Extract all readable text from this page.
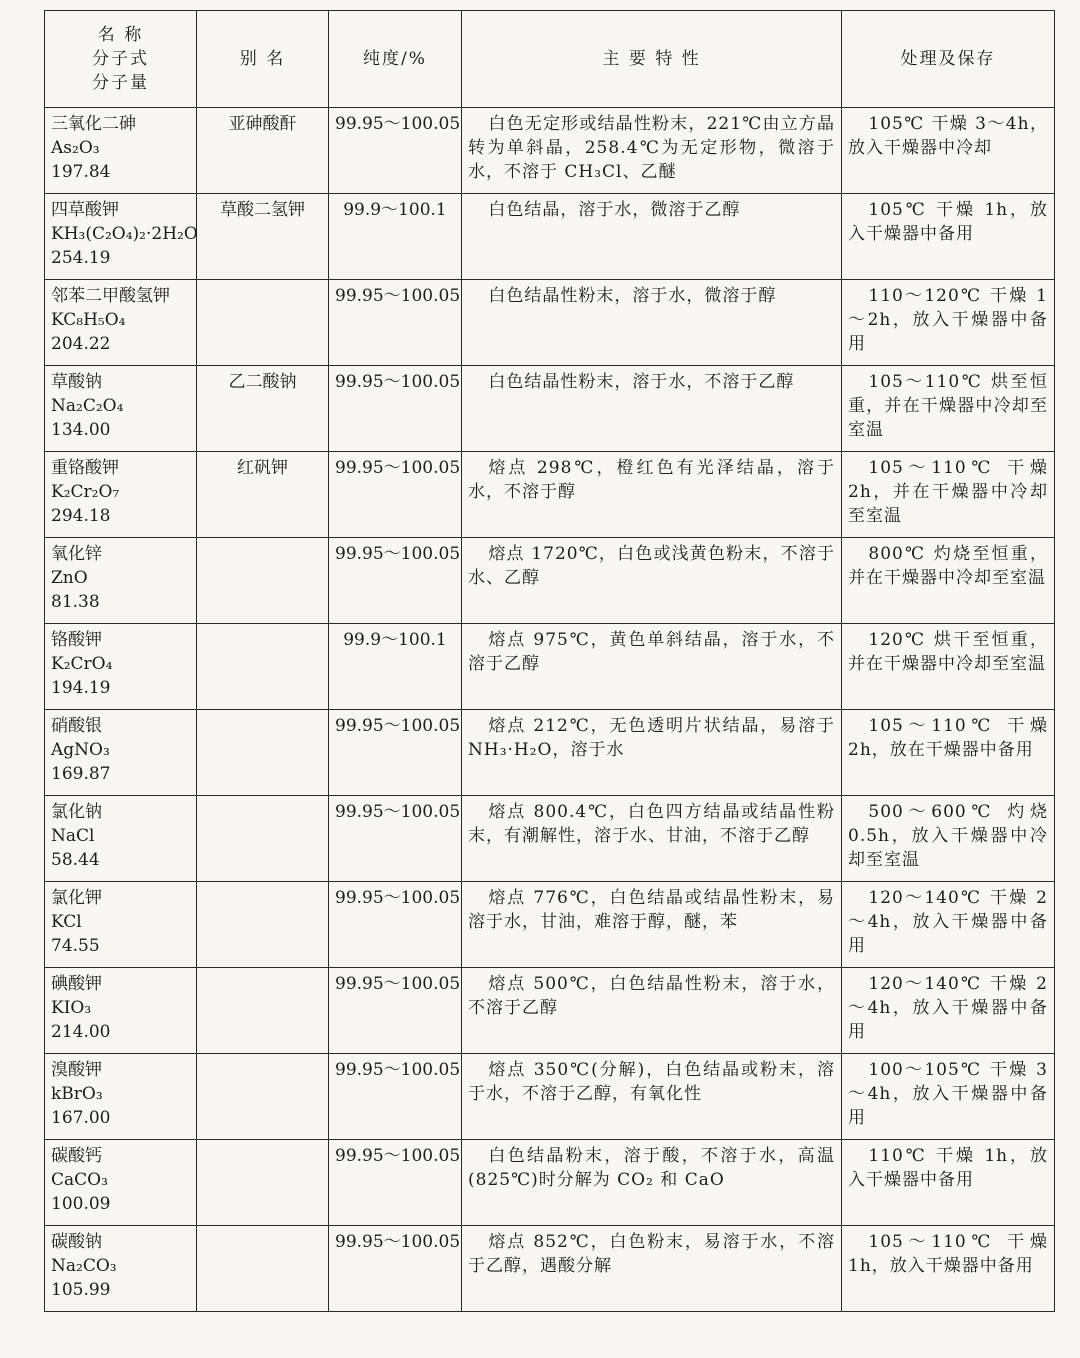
名 称
分子式
分子量	别 名	纯度/%	主 要 特 性	处理及保存

三氧化二砷
As₂O₃
197.84	亚砷酸酐	99.95～100.05	白色无定形或结晶性粉末，221℃由立方晶转为单斜晶，258.4℃为无定形物，微溶于水，不溶于 CH₃Cl、乙醚	105℃ 干燥 3～4h，放入干燥器中冷却

四草酸钾
KH₃(C₂O₄)₂·2H₂O
254.19	草酸二氢钾	99.9～100.1	白色结晶，溶于水，微溶于乙醇	105℃ 干燥 1h，放入干燥器中备用

邻苯二甲酸氢钾
KC₈H₅O₄
204.22		99.95～100.05	白色结晶性粉末，溶于水，微溶于醇	110～120℃ 干燥 1～2h，放入干燥器中备用

草酸钠
Na₂C₂O₄
134.00	乙二酸钠	99.95～100.05	白色结晶性粉末，溶于水，不溶于乙醇	105～110℃ 烘至恒重，并在干燥器中冷却至室温

重铬酸钾
K₂Cr₂O₇
294.18	红矾钾	99.95～100.05	熔点 298℃，橙红色有光泽结晶，溶于水，不溶于醇	105～110℃ 干燥 2h，并在干燥器中冷却至室温

氧化锌
ZnO
81.38		99.95～100.05	熔点 1720℃，白色或浅黄色粉末，不溶于水、乙醇	800℃ 灼烧至恒重，并在干燥器中冷却至室温

铬酸钾
K₂CrO₄
194.19		99.9～100.1	熔点 975℃，黄色单斜结晶，溶于水，不溶于乙醇	120℃ 烘干至恒重，并在干燥器中冷却至室温

硝酸银
AgNO₃
169.87		99.95～100.05	熔点 212℃，无色透明片状结晶，易溶于 NH₃·H₂O，溶于水	105～110℃ 干燥 2h，放在干燥器中备用

氯化钠
NaCl
58.44		99.95～100.05	熔点 800.4℃，白色四方结晶或结晶性粉末，有潮解性，溶于水、甘油，不溶于乙醇	500～600℃ 灼烧 0.5h，放入干燥器中冷却至室温

氯化钾
KCl
74.55		99.95～100.05	熔点 776℃，白色结晶或结晶性粉末，易溶于水，甘油，难溶于醇，醚，苯	120～140℃ 干燥 2～4h，放入干燥器中备用

碘酸钾
KIO₃
214.00		99.95～100.05	熔点 500℃，白色结晶性粉末，溶于水，不溶于乙醇	120～140℃ 干燥 2～4h，放入干燥器中备用

溴酸钾
kBrO₃
167.00		99.95～100.05	熔点 350℃(分解)，白色结晶或粉末，溶于水，不溶于乙醇，有氧化性	100～105℃ 干燥 3～4h，放入干燥器中备用

碳酸钙
CaCO₃
100.09		99.95～100.05	白色结晶粉末，溶于酸，不溶于水，高温(825℃)时分解为 CO₂ 和 CaO	110℃ 干燥 1h，放入干燥器中备用

碳酸钠
Na₂CO₃
105.99		99.95～100.05	熔点 852℃，白色粉末，易溶于水，不溶于乙醇，遇酸分解	105～110℃ 干燥 1h，放入干燥器中备用
